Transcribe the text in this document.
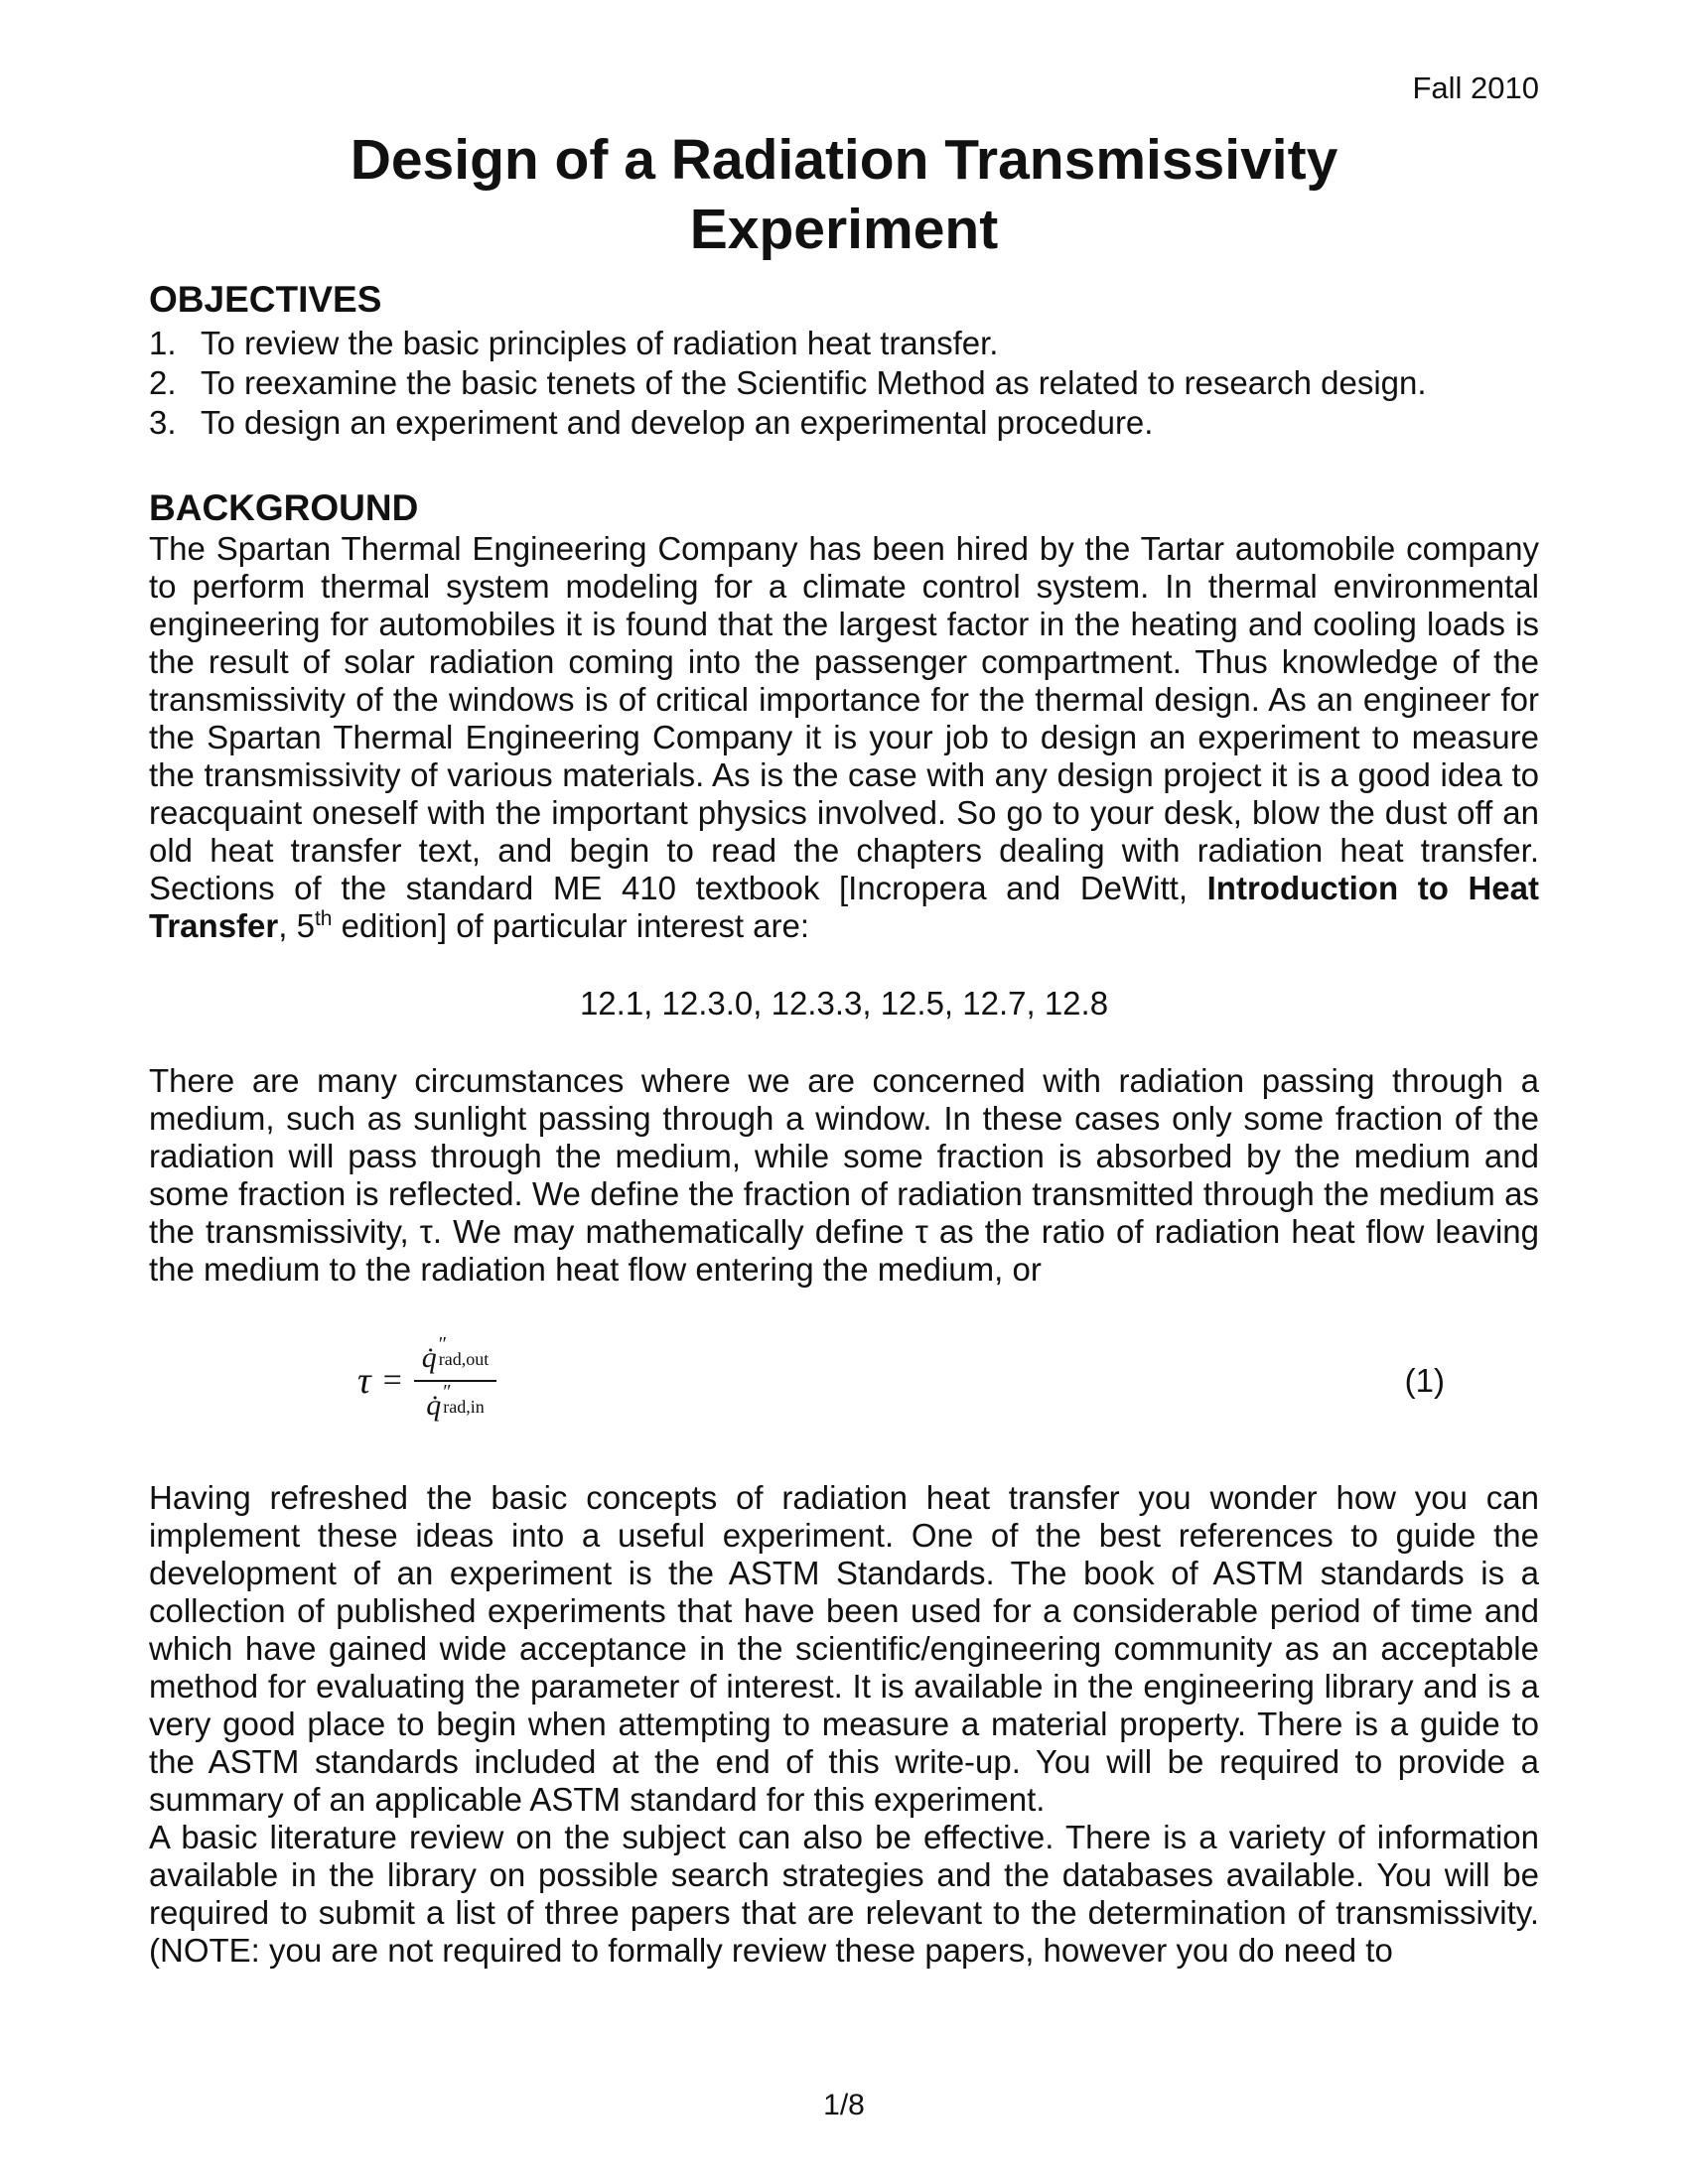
Fall 2010
Design of a Radiation Transmissivity
Experiment
OBJECTIVES
1. To review the basic principles of radiation heat transfer.
2. To reexamine the basic tenets of the Scientific Method as related to research design.
3. To design an experiment and develop an experimental procedure.
BACKGROUND

The Spartan Thermal Engineering Company has been hired by the Tartar automobile company to perform thermal system modeling for a climate control system. In thermal environmental engineering for automobiles it is found that the largest factor in the heating and cooling loads is the result of solar radiation coming into the passenger compartment. Thus knowledge of the transmissivity of the windows is of critical importance for the thermal design. As an engineer for the Spartan Thermal Engineering Company it is your job to design an experiment to measure the transmissivity of various materials. As is the case with any design project it is a good idea to reacquaint oneself with the important physics involved. So go to your desk, blow the dust off an old heat transfer text, and begin to read the chapters dealing with radiation heat transfer. Sections of the standard ME 410 textbook [Incropera and DeWitt, Introduction to Heat Transfer, 5th edition] of particular interest are:

12.1, 12.3.0, 12.3.3, 12.5, 12.7, 12.8

There are many circumstances where we are concerned with radiation passing through a medium, such as sunlight passing through a window. In these cases only some fraction of the radiation will pass through the medium, while some fraction is absorbed by the medium and some fraction is reflected. We define the fraction of radiation transmitted through the medium as the transmissivity, τ. We may mathematically define τ as the ratio of radiation heat flow leaving the medium to the radiation heat flow entering the medium, or

τ = q̇ ″
rad,out
q̇ ″
rad,in	(1)

Having refreshed the basic concepts of radiation heat transfer you wonder how you can implement these ideas into a useful experiment. One of the best references to guide the development of an experiment is the ASTM Standards. The book of ASTM standards is a collection of published experiments that have been used for a considerable period of time and which have gained wide acceptance in the scientific/engineering community as an acceptable method for evaluating the parameter of interest. It is available in the engineering library and is a very good place to begin when attempting to measure a material property. There is a guide to the ASTM standards included at the end of this write-up. You will be required to provide a summary of an applicable ASTM standard for this experiment.

A basic literature review on the subject can also be effective. There is a variety of information available in the library on possible search strategies and the databases available. You will be required to submit a list of three papers that are relevant to the determination of transmissivity. (NOTE: you are not required to formally review these papers, however you do need to

1/8
